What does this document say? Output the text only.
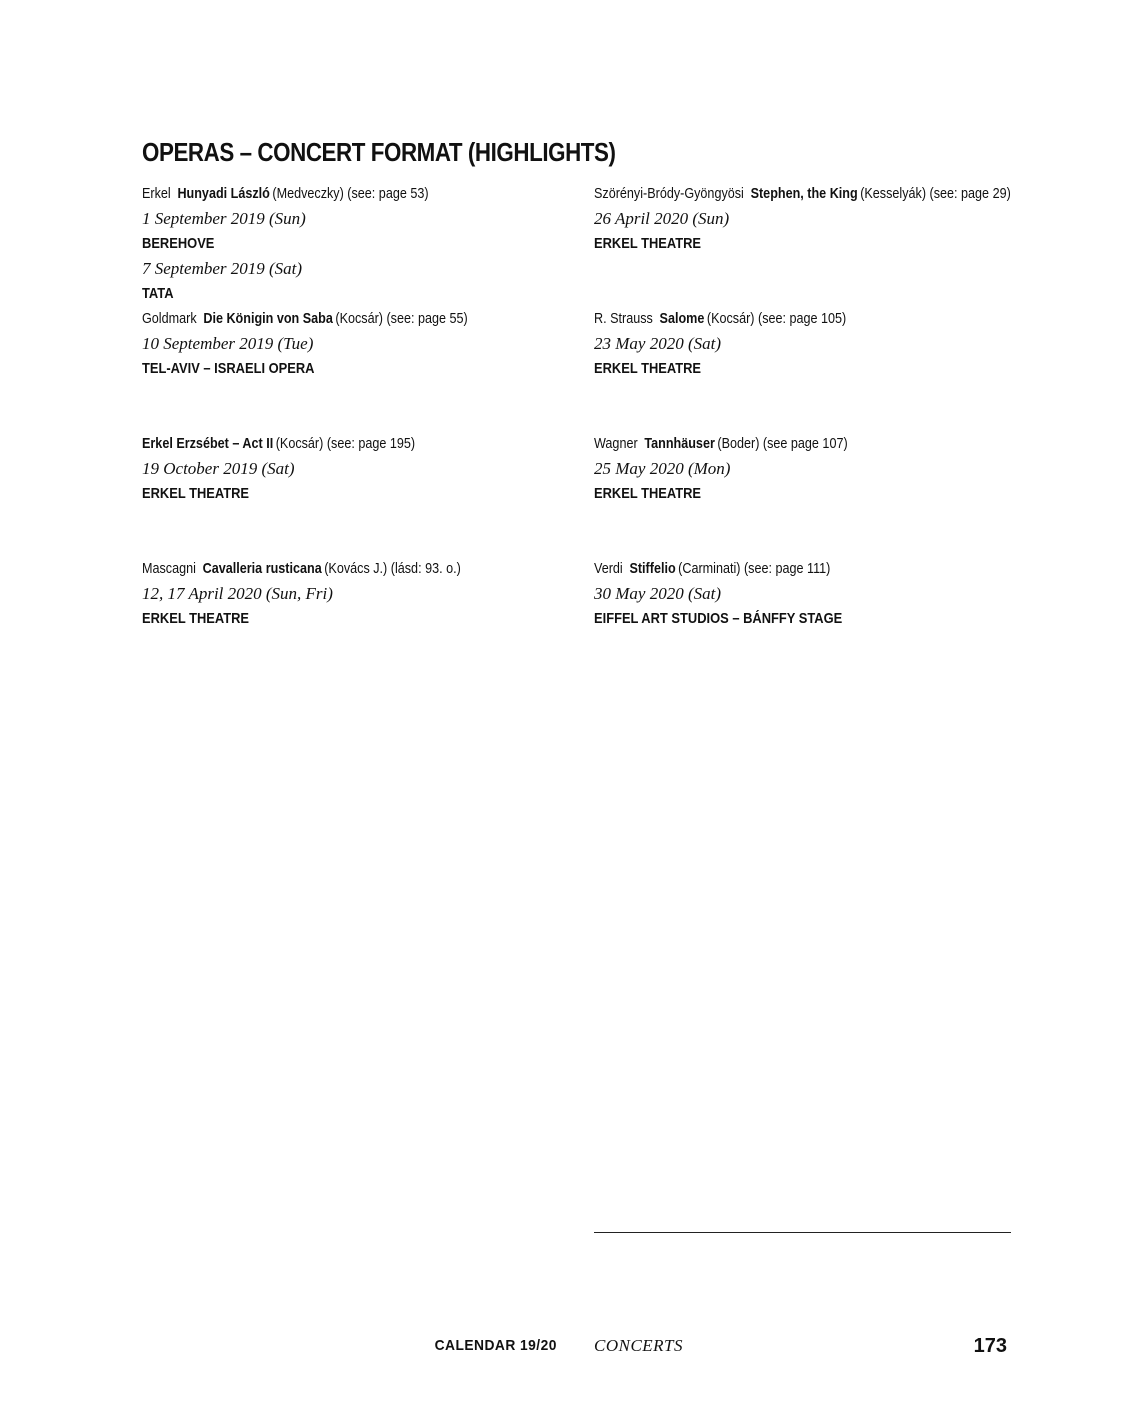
OPERAS – CONCERT FORMAT (HIGHLIGHTS)
Erkel Hunyadi László (Medveczky) (see: page 53)
1 September 2019 (Sun)
BEREHOVE
7 September 2019 (Sat)
TATA
Goldmark Die Königin von Saba (Kocsár) (see: page 55)
10 September 2019 (Tue)
TEL-AVIV – ISRAELI OPERA
Erkel Erzsébet – Act II (Kocsár) (see: page 195)
19 October 2019 (Sat)
ERKEL THEATRE
Mascagni Cavalleria rusticana (Kovács J.) (lásd: 93. o.)
12, 17 April 2020 (Sun, Fri)
ERKEL THEATRE
Szörényi-Bródy-Gyöngyösi Stephen, the King (Kesselyák) (see: page 29)
26 April 2020 (Sun)
ERKEL THEATRE
R. Strauss Salome (Kocsár) (see: page 105)
23 May 2020 (Sat)
ERKEL THEATRE
Wagner Tannhäuser (Boder) (see page 107)
25 May 2020 (Mon)
ERKEL THEATRE
Verdi Stiffelio (Carminati) (see: page 111)
30 May 2020 (Sat)
EIFFEL ART STUDIOS – BÁNFFY STAGE
CALENDAR 19/20 CONCERTS	173
